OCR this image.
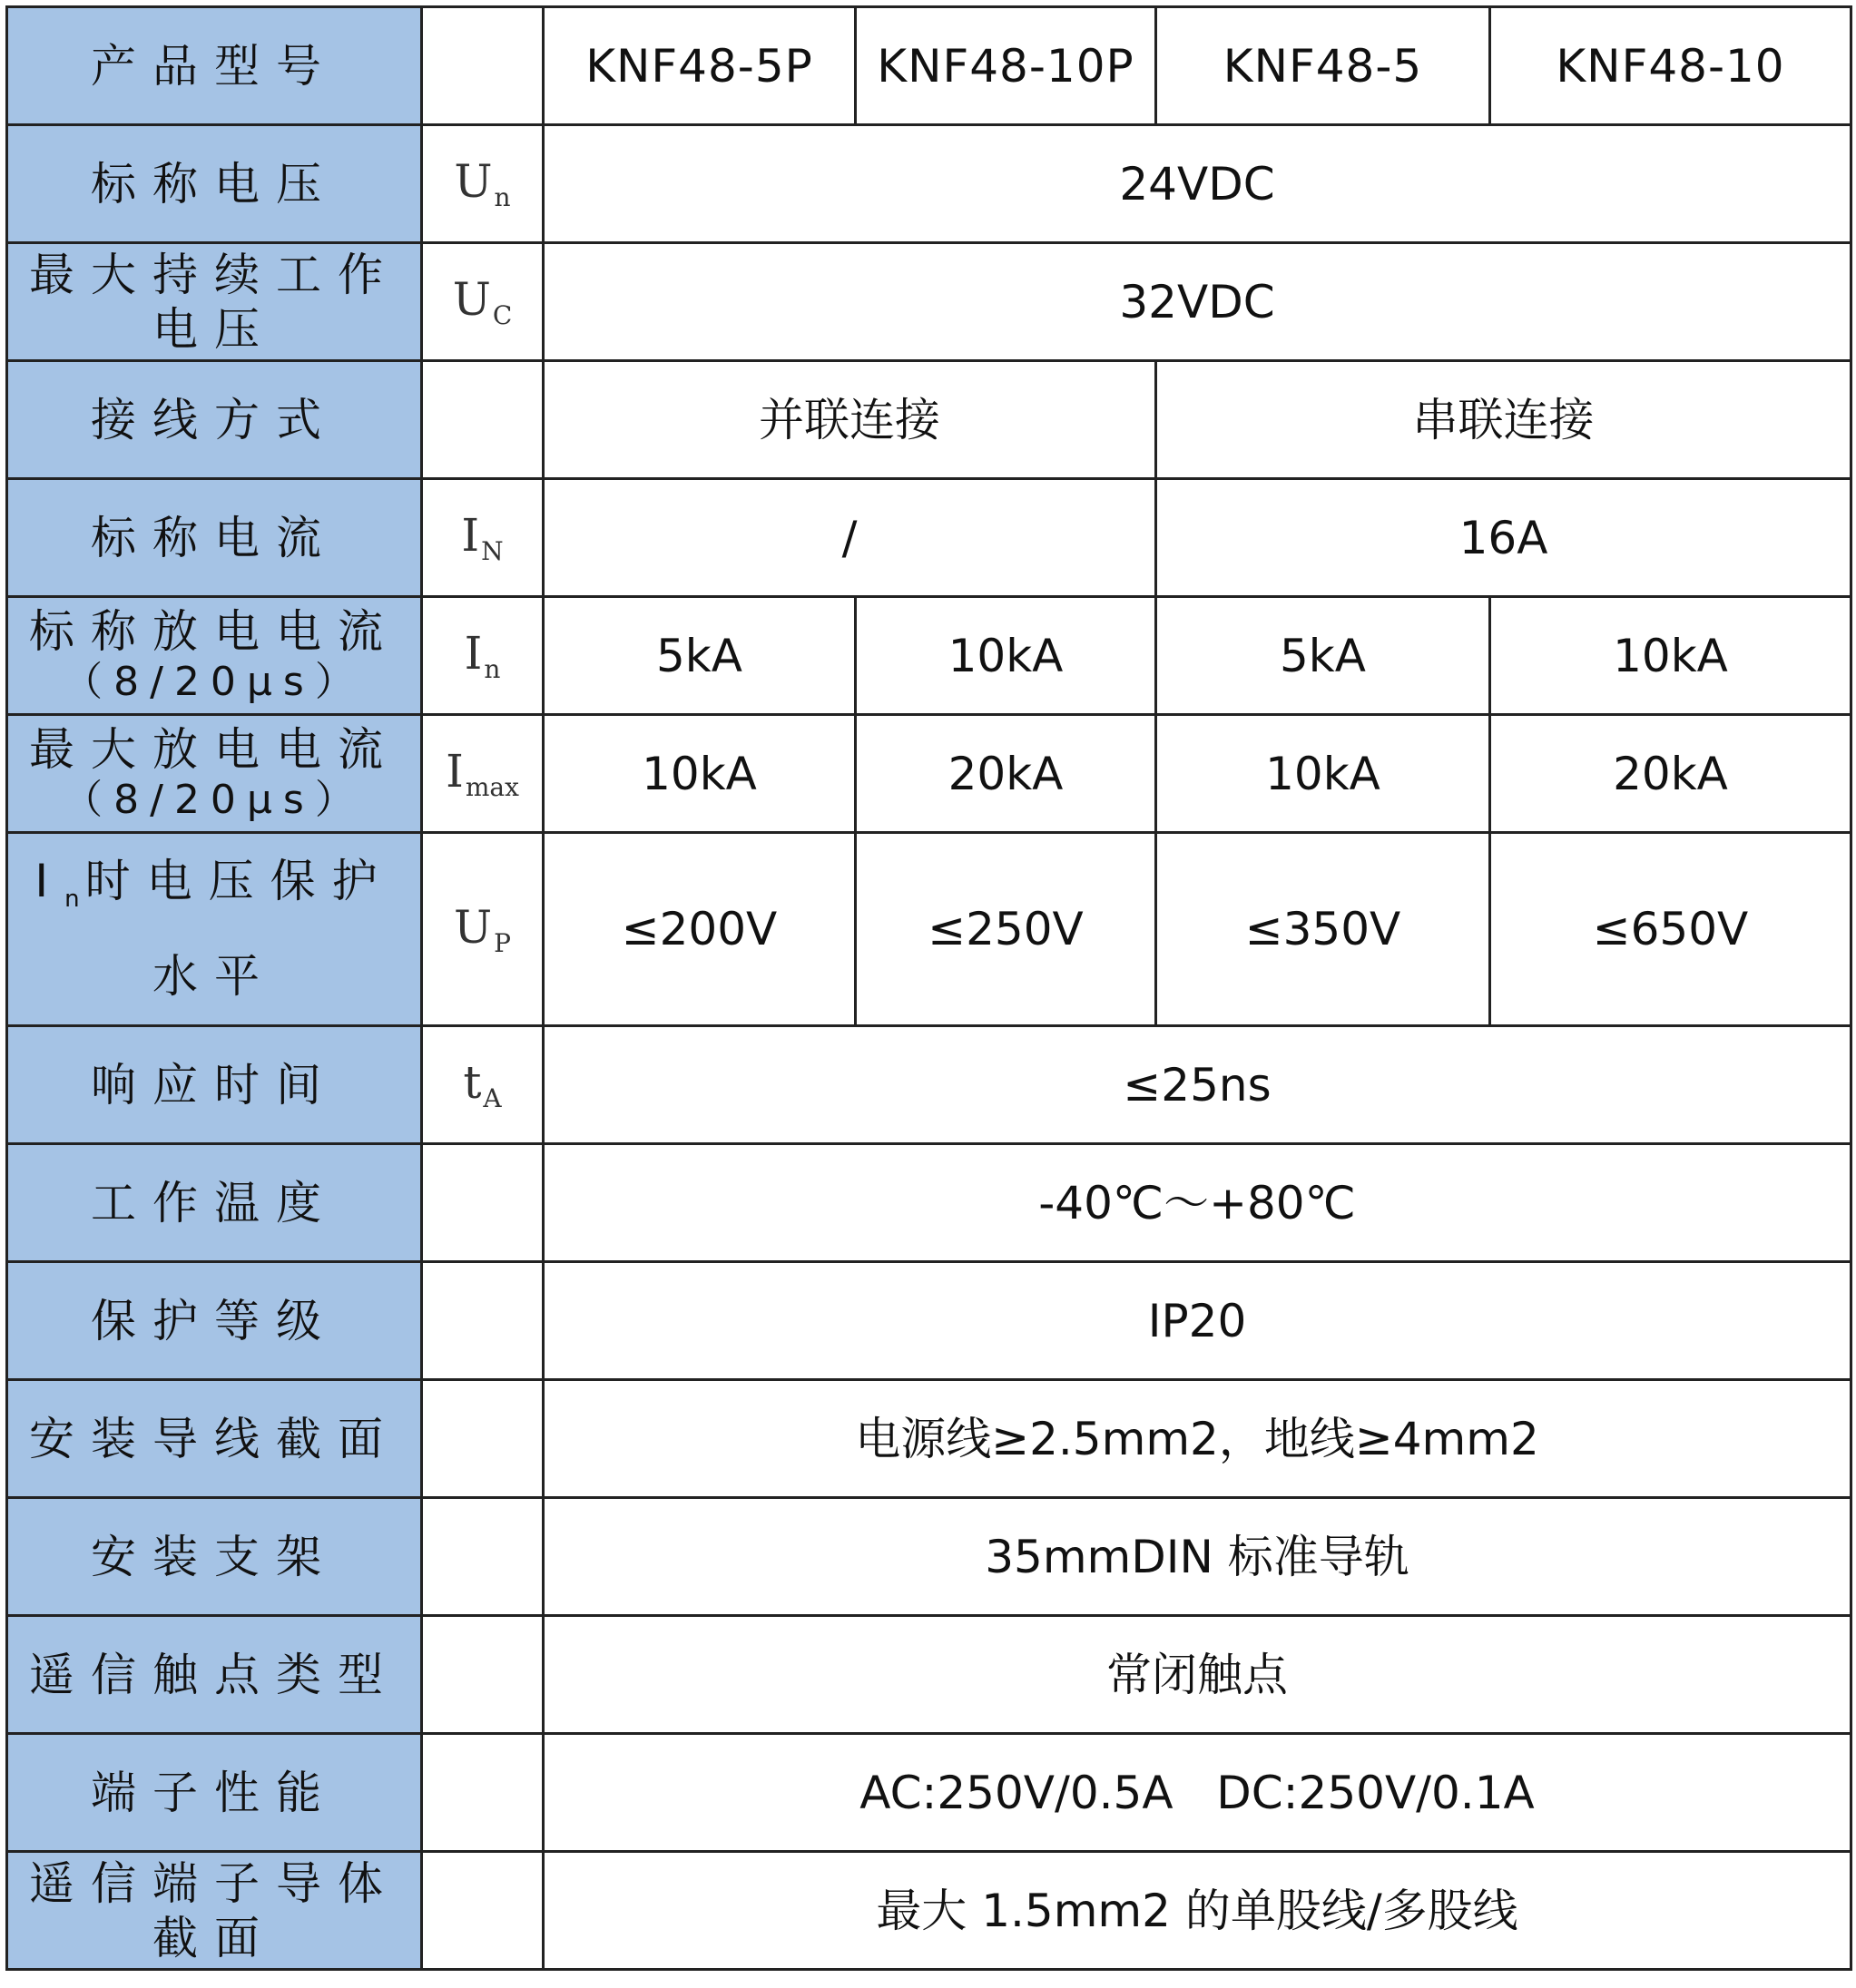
产品型号		KNF48-5P	KNF48-10P	KNF48-5	KNF48-10
标称电压	$U_n$	24VDC			
最大持续工作
电压	$U_C$	32VDC			
接线方式		并联连接		串联连接	
标称电流	$I_N$	/		16A	
标称放电电流
（8/20μs）	$I_n$	5kA	10kA	5kA	10kA
最大放电电流
（8/20μs）	$I_{max}$	10kA	20kA	10kA	20kA
$I_n$时电压保护
水平	$U_P$	≤200V	≤250V	≤350V	≤650V
响应时间	$t_A$	≤25ns			
工作温度		-40℃～+80℃			
保护等级		IP20			
安装导线截面		电源线≥2.5mm2，地线≥4mm2			
安装支架		35mmDIN 标准导轨			
遥信触点类型		常闭触点			
端子性能		AC:250V/0.5A   DC:250V/0.1A			
遥信端子导体
截面		最大 1.5mm2 的单股线/多股线			
